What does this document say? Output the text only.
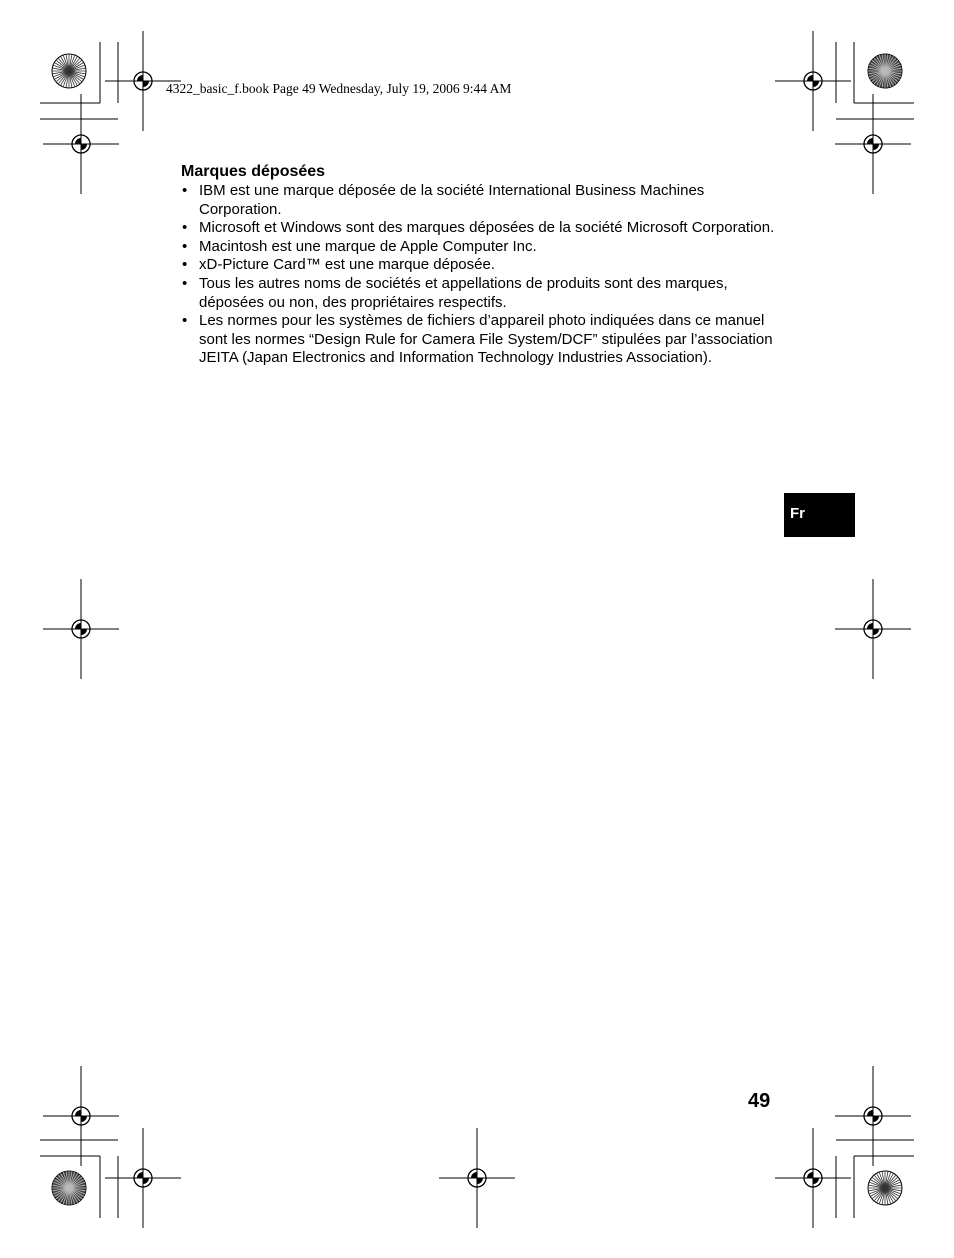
4322_basic_f.book Page 49 Wednesday, July 19, 2006 9:44 AM

Marques déposées

• IBM est une marque déposée de la société International Business Machines Corporation.
• Microsoft et Windows sont des marques déposées de la société Microsoft Corporation.
• Macintosh est une marque de Apple Computer Inc.
• xD-Picture Card™ est une marque déposée.
• Tous les autres noms de sociétés et appellations de produits sont des marques, déposées ou non, des propriétaires respectifs.
• Les normes pour les systèmes de fichiers d’appareil photo indiquées dans ce manuel sont les normes “Design Rule for Camera File System/DCF” stipulées par l’association JEITA (Japan Electronics and Information Technology Industries Association).
Fr
49
